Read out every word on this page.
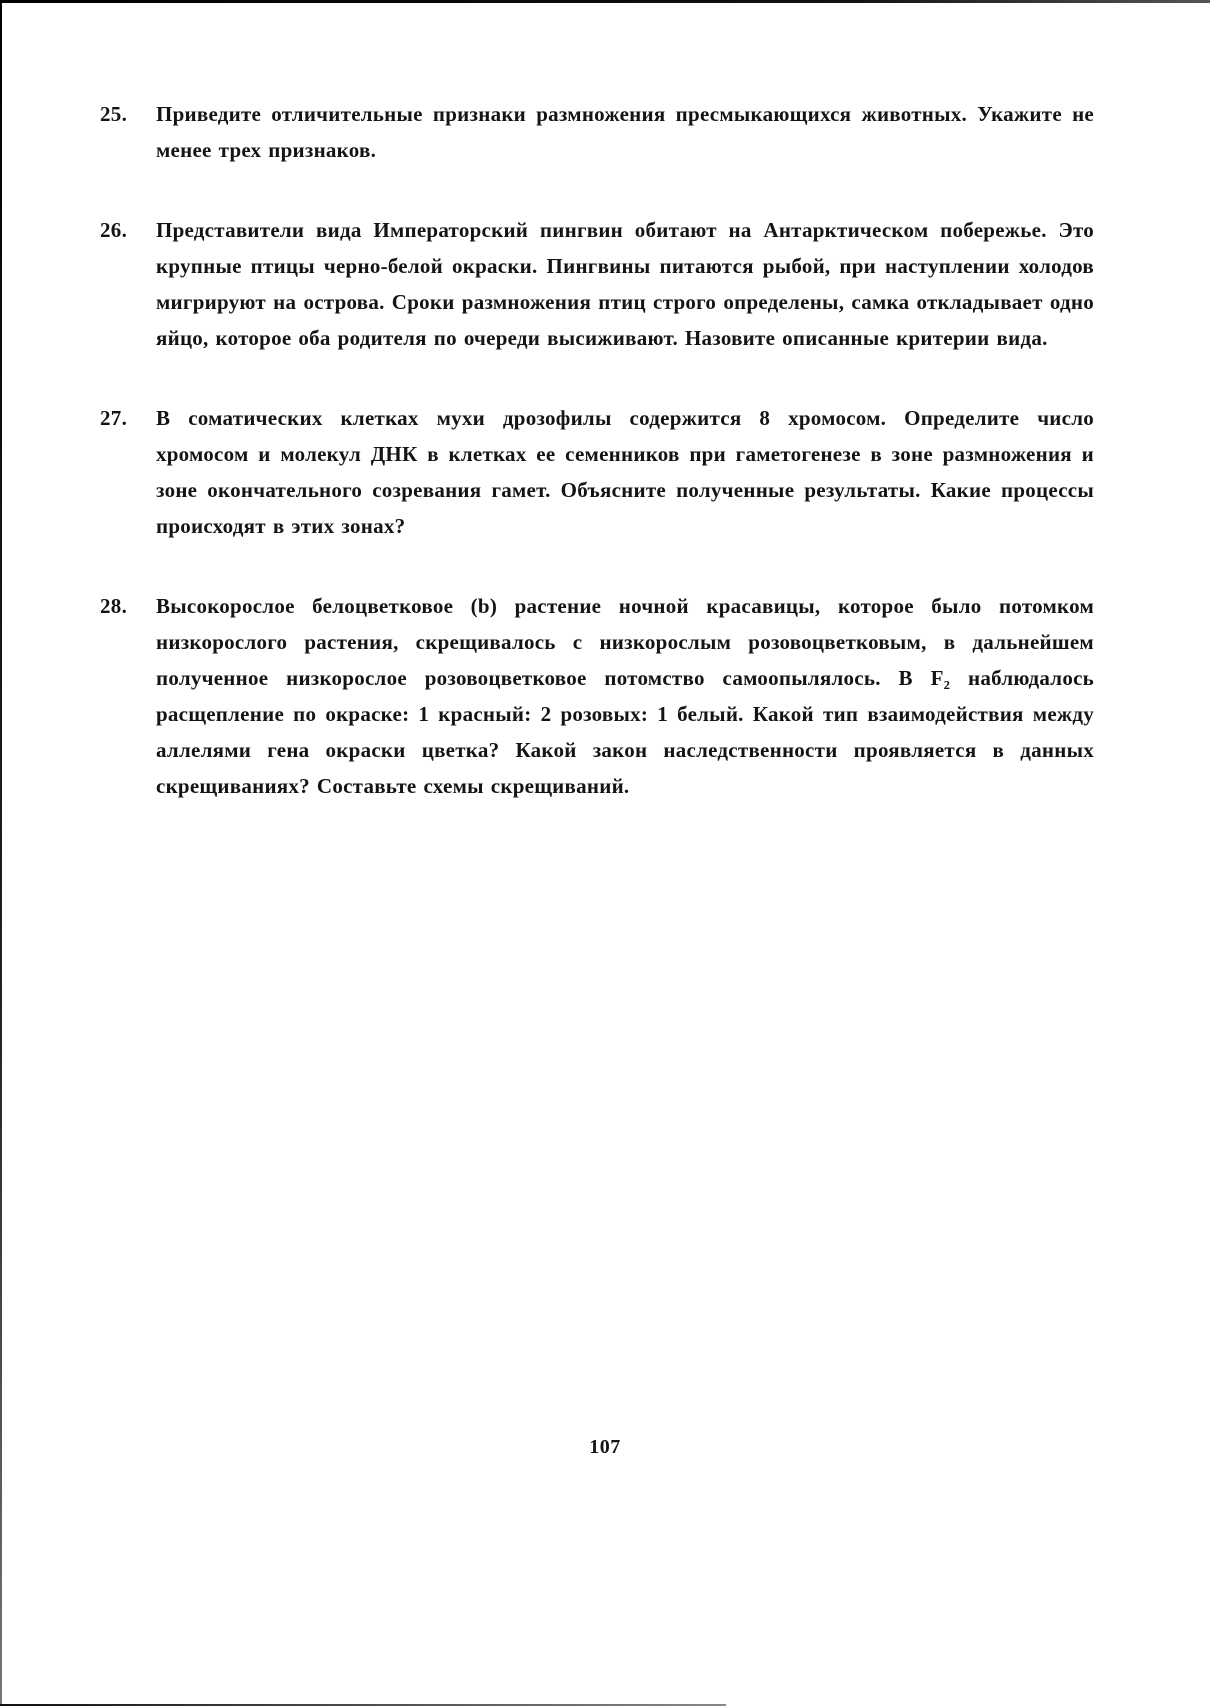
25.	Приведите отличительные признаки размножения пресмыкающихся животных. Укажите не менее трех признаков.

26.	Представители вида Императорский пингвин обитают на Антарктическом побережье. Это крупные птицы черно-белой окраски. Пингвины питаются рыбой, при наступлении холодов мигрируют на острова. Сроки размножения птиц строго определены, самка откладывает одно яйцо, которое оба родителя по очереди высиживают. Назовите описанные критерии вида.

27.	В соматических клетках мухи дрозофилы содержится 8 хромосом. Определите число хромосом и молекул ДНК в клетках ее семенников при гаметогенезе в зоне размножения и зоне окончательного созревания гамет. Объясните полученные результаты. Какие процессы происходят в этих зонах?

28.	Высокорослое белоцветковое (b) растение ночной красавицы, которое было потомком низкорослого растения, скрещивалось с низкорослым розовоцветковым, в дальнейшем полученное низкорослое розовоцветковое потомство самоопылялось. В F₂ наблюдалось расщепление по окраске: 1 красный: 2 розовых: 1 белый. Какой тип взаимодействия между аллелями гена окраски цветка? Какой закон наследственности проявляется в данных скрещиваниях? Составьте схемы скрещиваний.

107
